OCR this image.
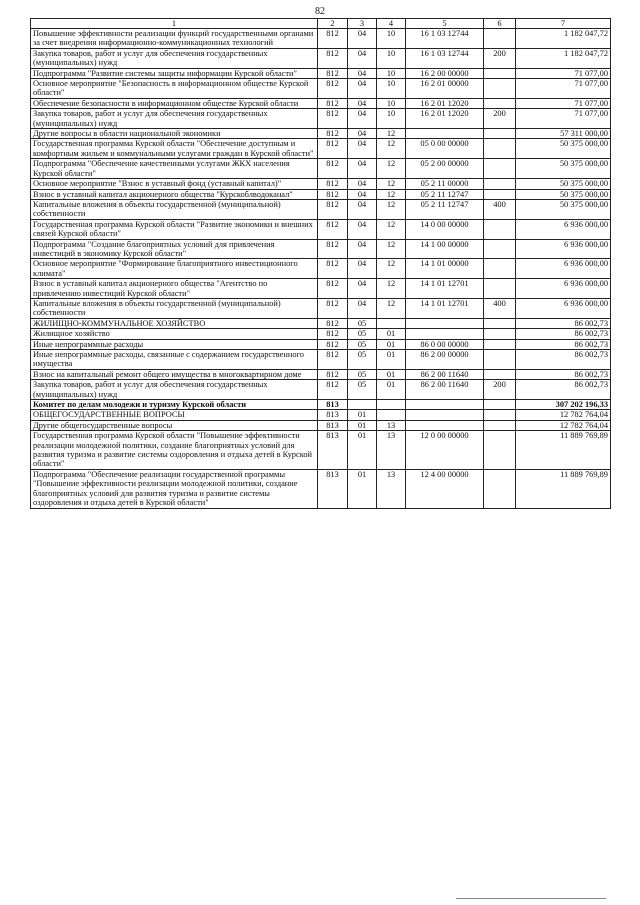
82
1	2	3	4	5	6	7
Повышение эффективности реализации функций государственными органами за счет внедрения информационно-коммуникационных технологий	812	04	10	16 1 03 12744		1 182 047,72
Закупка товаров, работ и услуг для обеспечения государственных (муниципальных) нужд	812	04	10	16 1 03 12744	200	1 182 047,72
Подпрограмма "Развитие системы защиты информации Курской области"	812	04	10	16 2 00 00000		71 077,00
Основное мероприятие "Безопасность в информационном обществе Курской области"	812	04	10	16 2 01 00000		71 077,00
Обеспечение безопасности в информационном обществе Курской области	812	04	10	16 2 01 12020		71 077,00
Закупка товаров, работ и услуг для обеспечения государственных (муниципальных) нужд	812	04	10	16 2 01 12020	200	71 077,00
Другие вопросы в области национальной экономики	812	04	12			57 311 000,00
Государственная программа Курской области "Обеспечение доступным и комфортным жильем и коммунальными услугами граждан в Курской области"	812	04	12	05 0 00 00000		50 375 000,00
Подпрограмма "Обеспечение качественными услугами ЖКХ населения Курской области"	812	04	12	05 2 00 00000		50 375 000,00
Основное мероприятие "Взнос в уставный фонд (уставный капитал)"	812	04	12	05 2 11 00000		50 375 000,00
Взнос в уставный капитал акционерного общества "Курскоблводоканал"	812	04	12	05 2 11 12747		50 375 000,00
Капитальные вложения в объекты государственной (муниципальной) собственности	812	04	12	05 2 11 12747	400	50 375 000,00
Государственная программа Курской области "Развитие экономики и внешних связей Курской области"	812	04	12	14 0 00 00000		6 936 000,00
Подпрограмма "Создание благоприятных условий для привлечения инвестиций в экономику Курской области"	812	04	12	14 1 00 00000		6 936 000,00
Основное мероприятие "Формирование благоприятного инвестиционного климата"	812	04	12	14 1 01 00000		6 936 000,00
Взнос в уставный капитал акционерного общества "Агентство по привлечению инвестиций Курской области"	812	04	12	14 1 01 12701		6 936 000,00
Капитальные вложения в объекты государственной (муниципальной) собственности	812	04	12	14 1 01 12701	400	6 936 000,00
ЖИЛИЩНО-КОММУНАЛЬНОЕ ХОЗЯЙСТВО	812	05				86 002,73
Жилищное хозяйство	812	05	01			86 002,73
Иные непрограммные расходы	812	05	01	86 0 00 00000		86 002,73
Иные непрограммные расходы, связанные с содержанием государственного имущества	812	05	01	86 2 00 00000		86 002,73
Взнос на капитальный ремонт общего имущества в многоквартирном доме	812	05	01	86 2 00 11640		86 002,73
Закупка товаров, работ и услуг для обеспечения государственных (муниципальных) нужд	812	05	01	86 2 00 11640	200	86 002,73
Комитет по делам молодежи и туризму Курской области	813					307 202 196,33
ОБЩЕГОСУДАРСТВЕННЫЕ ВОПРОСЫ	813	01				12 782 764,04
Другие общегосударственные вопросы	813	01	13			12 782 764,04
Государственная программа Курской области "Повышение эффективности реализации молодежной политики, создание благоприятных условий для развития туризма и развитие системы оздоровления и отдыха детей в Курской области"	813	01	13	12 0 00 00000		11 889 769,89
Подпрограмма "Обеспечение реализации государственной программы "Повышение эффективности реализации молодежной политики, создание благоприятных условий для развития туризма и развитие системы оздоровления и отдыха детей в Курской области"	813	01	13	12 4 00 00000		11 889 769,89
